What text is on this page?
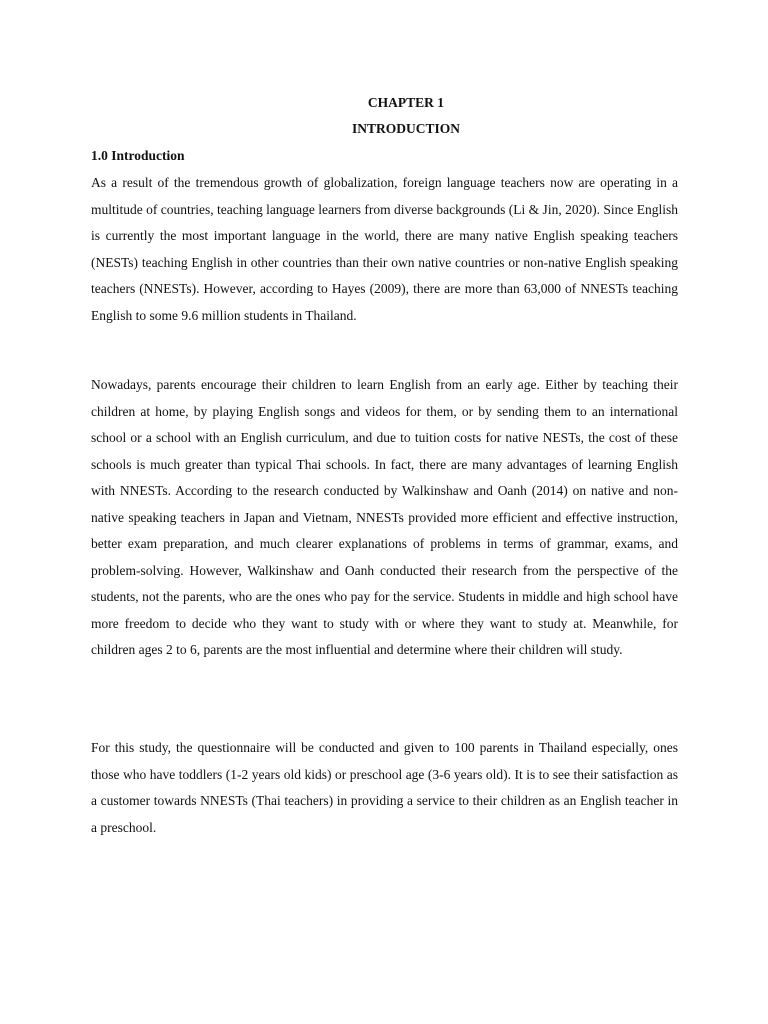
CHAPTER 1
INTRODUCTION
1.0 Introduction

As a result of the tremendous growth of globalization, foreign language teachers now are operating in a multitude of countries, teaching language learners from diverse backgrounds (Li & Jin, 2020). Since English is currently the most important language in the world, there are many native English speaking teachers (NESTs) teaching English in other countries than their own native countries or non-native English speaking teachers (NNESTs). However, according to Hayes (2009), there are more than 63,000 of NNESTs teaching English to some 9.6 million students in Thailand.

Nowadays, parents encourage their children to learn English from an early age. Either by teaching their children at home, by playing English songs and videos for them, or by sending them to an international school or a school with an English curriculum, and due to tuition costs for native NESTs, the cost of these schools is much greater than typical Thai schools. In fact, there are many advantages of learning English with NNESTs. According to the research conducted by Walkinshaw and Oanh (2014) on native and non-native speaking teachers in Japan and Vietnam, NNESTs provided more efficient and effective instruction, better exam preparation, and much clearer explanations of problems in terms of grammar, exams, and problem-solving. However, Walkinshaw and Oanh conducted their research from the perspective of the students, not the parents, who are the ones who pay for the service. Students in middle and high school have more freedom to decide who they want to study with or where they want to study at. Meanwhile, for children ages 2 to 6, parents are the most influential and determine where their children will study.

For this study, the questionnaire will be conducted and given to 100 parents in Thailand especially, ones those who have toddlers (1-2 years old kids) or preschool age (3-6 years old). It is to see their satisfaction as a customer towards NNESTs (Thai teachers) in providing a service to their children as an English teacher in a preschool.
